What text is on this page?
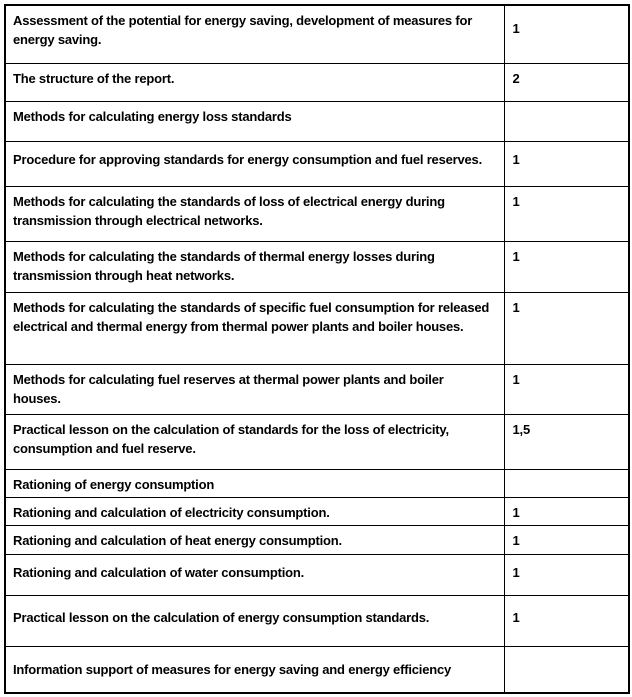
Assessment of the potential for energy saving, development of measures for energy saving.	1
The structure of the report.	2
Methods for calculating energy loss standards	
Procedure for approving standards for energy consumption and fuel reserves.	1
Methods for calculating the standards of loss of electrical energy during transmission through electrical networks.	1
Methods for calculating the standards of thermal energy losses during transmission through heat networks.	1
Methods for calculating the standards of specific fuel consumption for released electrical and thermal energy from thermal power plants and boiler houses.	1
Methods for calculating fuel reserves at thermal power plants and boiler houses.	1
Practical lesson on the calculation of standards for the loss of electricity, consumption and fuel reserve.	1,5
Rationing of energy consumption	
Rationing and calculation of electricity consumption.	1
Rationing and calculation of heat energy consumption.	1
Rationing and calculation of water consumption.	1
Practical lesson on the calculation of energy consumption standards.	1
Information support of measures for energy saving and energy efficiency	
